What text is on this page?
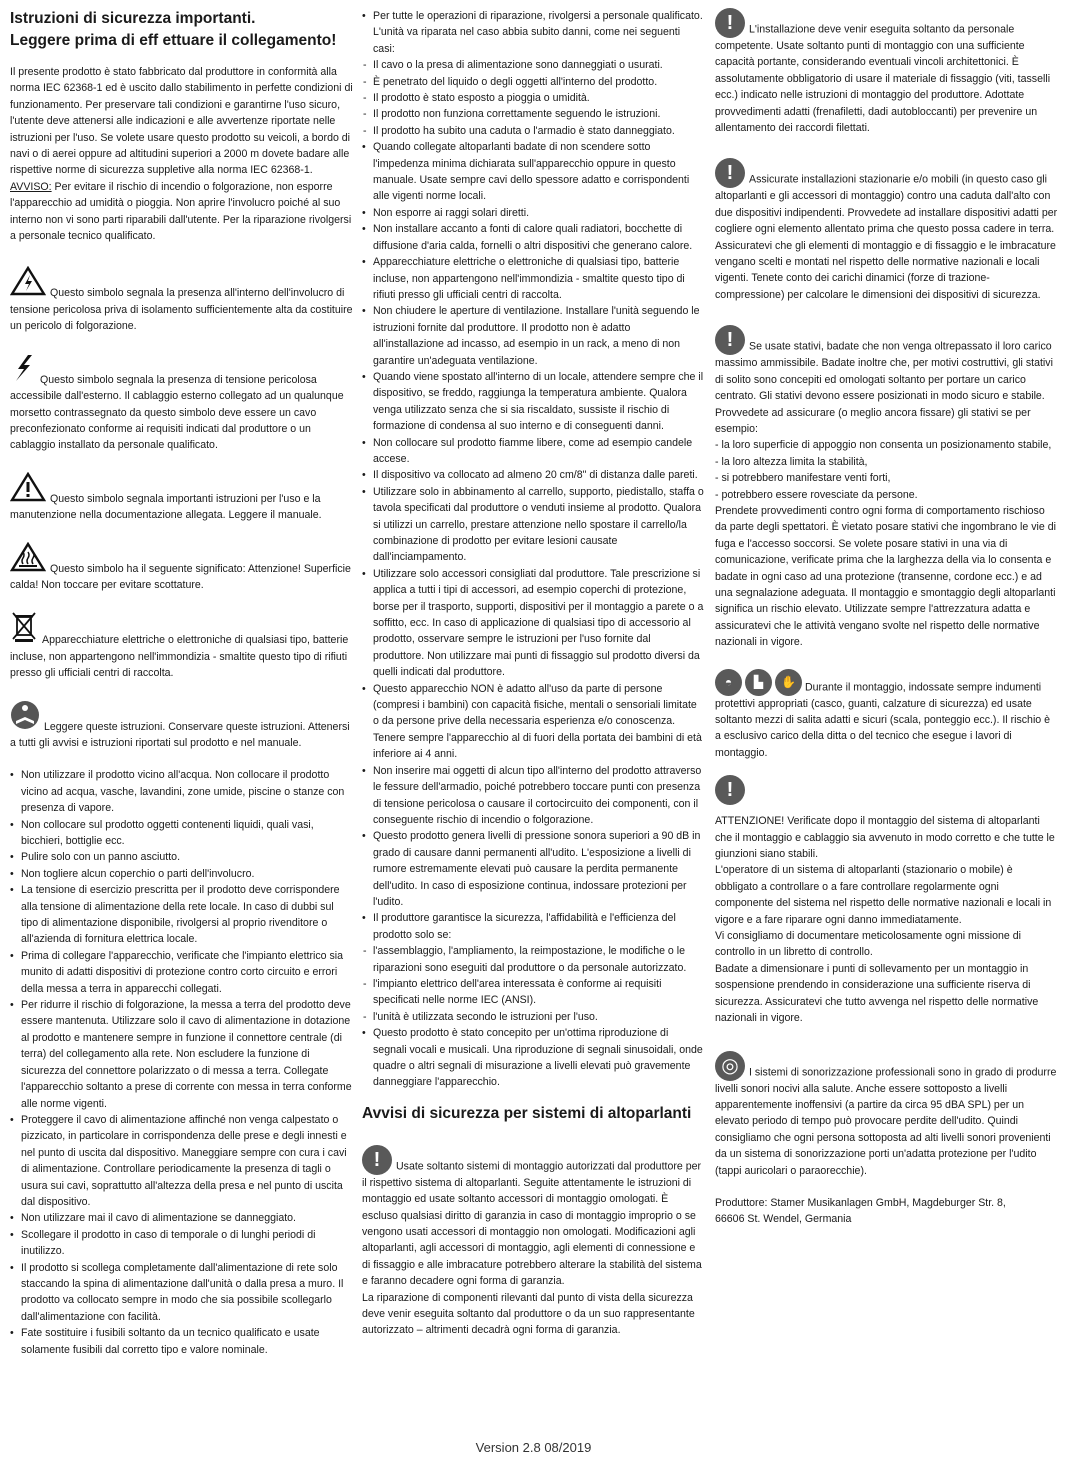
Istruzioni di sicurezza importanti.
Leggere prima di eff ettuare il collegamento!

Il presente prodotto è stato fabbricato dal produttore in conformità alla norma IEC 62368-1 ed è uscito dallo stabilimento in perfette condizioni di funzionamento. Per preservare tali condizioni e garantirne l'uso sicuro, l'utente deve attenersi alle indicazioni e alle avvertenze riportate nelle istruzioni per l'uso. Se volete usare questo prodotto su veicoli, a bordo di navi o di aerei oppure ad altitudini superiori a 2000 m dovete badare alle rispettive norme di sicurezza suppletive alla norma IEC 62368-1.

AVVISO: Per evitare il rischio di incendio o folgorazione, non esporre l'apparecchio ad umidità o pioggia. Non aprire l'involucro poiché al suo interno non vi sono parti riparabili dall'utente. Per la riparazione rivolgersi a personale tecnico qualificato.

Questo simbolo segnala la presenza all'interno dell'involucro di tensione pericolosa priva di isolamento sufficientemente alta da costituire un pericolo di folgorazione.
Questo simbolo segnala la presenza di tensione pericolosa accessibile dall'esterno. Il cablaggio esterno collegato ad un qualunque morsetto contrassegnato da questo simbolo deve essere un cavo preconfezionato conforme ai requisiti indicati dal produttore o un cablaggio installato da personale qualificato.
Questo simbolo segnala importanti istruzioni per l'uso e la manutenzione nella documentazione allegata. Leggere il manuale.
Questo simbolo ha il seguente significato: Attenzione! Superficie calda! Non toccare per evitare scottature.
Apparecchiature elettriche o elettroniche di qualsiasi tipo, batterie incluse, non appartengono nell'immondizia - smaltite questo tipo di rifiuti presso gli ufficiali centri di raccolta.
Leggere queste istruzioni. Conservare queste istruzioni. Attenersi a tutti gli avvisi e istruzioni riportati sul prodotto e nel manuale.
• Non utilizzare il prodotto vicino all'acqua. Non collocare il prodotto vicino ad acqua, vasche, lavandini, zone umide, piscine o stanze con presenza di vapore.
• Non collocare sul prodotto oggetti contenenti liquidi, quali vasi, bicchieri, bottiglie ecc.
• Pulire solo con un panno asciutto.
• Non togliere alcun coperchio o parti dell'involucro.
• La tensione di esercizio prescritta per il prodotto deve corrispondere alla tensione di alimentazione della rete locale. In caso di dubbi sul tipo di alimentazione disponibile, rivolgersi al proprio rivenditore o all'azienda di fornitura elettrica locale.
• Prima di collegare l'apparecchio, verificate che l'impianto elettrico sia munito di adatti dispositivi di protezione contro corto circuito e errori della messa a terra in apparecchi collegati.
• Per ridurre il rischio di folgorazione, la messa a terra del prodotto deve essere mantenuta. Utilizzare solo il cavo di alimentazione in dotazione al prodotto e mantenere sempre in funzione il connettore centrale (di terra) del collegamento alla rete. Non escludere la funzione di sicurezza del connettore polarizzato o di messa a terra. Collegate l'apparecchio soltanto a prese di corrente con messa in terra conforme alle norme vigenti.
• Proteggere il cavo di alimentazione affinché non venga calpestato o pizzicato, in particolare in corrispondenza delle prese e degli innesti e nel punto di uscita dal dispositivo. Maneggiare sempre con cura i cavi di alimentazione. Controllare periodicamente la presenza di tagli o usura sui cavi, soprattutto all'altezza della presa e nel punto di uscita dal dispositivo.
• Non utilizzare mai il cavo di alimentazione se danneggiato.
• Scollegare il prodotto in caso di temporale o di lunghi periodi di inutilizzo.
• Il prodotto si scollega completamente dall'alimentazione di rete solo staccando la spina di alimentazione dall'unità o dalla presa a muro. Il prodotto va collocato sempre in modo che sia possibile scollegarlo dall'alimentazione con facilità.
• Fate sostituire i fusibili soltanto da un tecnico qualificato e usate solamente fusibili dal corretto tipo e valore nominale.
• Per tutte le operazioni di riparazione, rivolgersi a personale qualificato. L'unità va riparata nel caso abbia subito danni, come nei seguenti casi:
- Il cavo o la presa di alimentazione sono danneggiati o usurati.
- È penetrato del liquido o degli oggetti all'interno del prodotto.
- Il prodotto è stato esposto a pioggia o umidità.
- Il prodotto non funziona correttamente seguendo le istruzioni.
- Il prodotto ha subito una caduta o l'armadio è stato danneggiato.
• Quando collegate altoparlanti badate di non scendere sotto l'impedenza minima dichiarata sull'apparecchio oppure in questo manuale. Usate sempre cavi dello spessore adatto e corrispondenti alle vigenti norme locali.
• Non esporre ai raggi solari diretti.
• Non installare accanto a fonti di calore quali radiatori, bocchette di diffusione d'aria calda, fornelli o altri dispositivi che generano calore.
• Apparecchiature elettriche o elettroniche di qualsiasi tipo, batterie incluse, non appartengono nell'immondizia - smaltite questo tipo di rifiuti presso gli ufficiali centri di raccolta.
• Non chiudere le aperture di ventilazione. Installare l'unità seguendo le istruzioni fornite dal produttore. Il prodotto non è adatto all'installazione ad incasso, ad esempio in un rack, a meno di non garantire un'adeguata ventilazione.
• Quando viene spostato all'interno di un locale, attendere sempre che il dispositivo, se freddo, raggiunga la temperatura ambiente. Qualora venga utilizzato senza che si sia riscaldato, sussiste il rischio di formazione di condensa al suo interno e di conseguenti danni.
• Non collocare sul prodotto fiamme libere, come ad esempio candele accese.
• Il dispositivo va collocato ad almeno 20 cm/8" di distanza dalle pareti.
• Utilizzare solo in abbinamento al carrello, supporto, piedistallo, staffa o tavola specificati dal produttore o venduti insieme al prodotto. Qualora si utilizzi un carrello, prestare attenzione nello spostare il carrello/la combinazione di prodotto per evitare lesioni causate dall'inciampamento.
• Utilizzare solo accessori consigliati dal produttore. Tale prescrizione si applica a tutti i tipi di accessori, ad esempio coperchi di protezione, borse per il trasporto, supporti, dispositivi per il montaggio a parete o a soffitto, ecc. In caso di applicazione di qualsiasi tipo di accessorio al prodotto, osservare sempre le istruzioni per l'uso fornite dal produttore. Non utilizzare mai punti di fissaggio sul prodotto diversi da quelli indicati dal produttore.
• Questo apparecchio NON è adatto all'uso da parte di persone (compresi i bambini) con capacità fisiche, mentali o sensoriali limitate o da persone prive della necessaria esperienza e/o conoscenza. Tenere sempre l'apparecchio al di fuori della portata dei bambini di età inferiore ai 4 anni.
• Non inserire mai oggetti di alcun tipo all'interno del prodotto attraverso le fessure dell'armadio, poiché potrebbero toccare punti con presenza di tensione pericolosa o causare il cortocircuito dei componenti, con il conseguente rischio di incendio o folgorazione.
• Questo prodotto genera livelli di pressione sonora superiori a 90 dB in grado di causare danni permanenti all'udito. L'esposizione a livelli di rumore estremamente elevati può causare la perdita permanente dell'udito. In caso di esposizione continua, indossare protezioni per l'udito.
• Il produttore garantisce la sicurezza, l'affidabilità e l'efficienza del prodotto solo se:
- l'assemblaggio, l'ampliamento, la reimpostazione, le modifiche o le riparazioni sono eseguiti dal produttore o da personale autorizzato.
- l'impianto elettrico dell'area interessata è conforme ai requisiti specificati nelle norme IEC (ANSI).
- l'unità è utilizzata secondo le istruzioni per l'uso.
• Questo prodotto è stato concepito per un'ottima riproduzione di segnali vocali e musicali. Una riproduzione di segnali sinusoidali, onde quadre o altri segnali di misurazione a livelli elevati può gravemente danneggiare l'apparecchio.
Avvisi di sicurezza per sistemi di altoparlanti

! Usate soltanto sistemi di montaggio autorizzati dal produttore per il rispettivo sistema di altoparlanti. Seguite attentamente le istruzioni di montaggio ed usate soltanto accessori di montaggio omologati. È escluso qualsiasi diritto di garanzia in caso di montaggio improprio o se vengono usati accessori di montaggio non omologati. Modificazioni agli altoparlanti, agli accessori di montaggio, agli elementi di connessione e di fissaggio e alle imbracature potrebbero alterare la stabilità del sistema e faranno decadere ogni forma di garanzia.

La riparazione di componenti rilevanti dal punto di vista della sicurezza deve venir eseguita soltanto dal produttore o da un suo rappresentante autorizzato – altrimenti decadrà ogni forma di garanzia.

! L'installazione deve venir eseguita soltanto da personale competente. Usate soltanto punti di montaggio con una sufficiente capacità portante, considerando eventuali vincoli architettonici. È assolutamente obbligatorio di usare il materiale di fissaggio (viti, tasselli ecc.) indicato nelle istruzioni di montaggio del produttore. Adottate provvedimenti adatti (frenafiletti, dadi autobloccanti) per prevenire un allentamento dei raccordi filettati.

! Assicurate installazioni stazionarie e/o mobili (in questo caso gli altoparlanti e gli accessori di montaggio) contro una caduta dall'alto con due dispositivi indipendenti. Provvedete ad installare dispositivi adatti per cogliere ogni elemento allentato prima che questo possa cadere in terra. Assicuratevi che gli elementi di montaggio e di fissaggio e le imbracature vengano scelti e montati nel rispetto delle normative nazionali e locali vigenti. Tenete conto dei carichi dinamici (forze di trazione-compressione) per calcolare le dimensioni dei dispositivi di sicurezza.

! Se usate stativi, badate che non venga oltrepassato il loro carico massimo ammissibile. Badate inoltre che, per motivi costruttivi, gli stativi di solito sono concepiti ed omologati soltanto per portare un carico centrato. Gli stativi devono essere posizionati in modo sicuro e stabile. Provvedete ad assicurare (o meglio ancora fissare) gli stativi se per esempio:

- la loro superficie di appoggio non consenta un posizionamento stabile,

- la loro altezza limita la stabilità,

- si potrebbero manifestare venti forti,

- potrebbero essere rovesciate da persone.

Prendete provvedimenti contro ogni forma di comportamento rischioso da parte degli spettatori. È vietato posare stativi che ingombrano le vie di fuga e l'accesso soccorsi. Se volete posare stativi in una via di comunicazione, verificate prima che la larghezza della via lo consenta e badate in ogni caso ad una protezione (transenne, cordone ecc.) e ad una segnalazione adeguata. Il montaggio e smontaggio degli altoparlanti significa un rischio elevato. Utilizzate sempre l'attrezzatura adatta e assicuratevi che le attività vengano svolte nel rispetto delle normative nazionali in vigore.

◓ ▙ ✋ Durante il montaggio, indossate sempre indumenti protettivi appropriati (casco, guanti, calzature di sicurezza) ed usate soltanto mezzi di salita adatti e sicuri (scala, ponteggio ecc.). Il rischio è a esclusivo carico della ditta o del tecnico che esegue i lavori di montaggio.

!

ATTENZIONE! Verificate dopo il montaggio del sistema di altoparlanti che il montaggio e cablaggio sia avvenuto in modo corretto e che tutte le giunzioni siano stabili.

L'operatore di un sistema di altoparlanti (stazionario o mobile) è obbligato a controllare o a fare controllare regolarmente ogni componente del sistema nel rispetto delle normative nazionali e locali in vigore e a fare riparare ogni danno immediatamente.

Vi consigliamo di documentare meticolosamente ogni missione di controllo in un libretto di controllo.

Badate a dimensionare i punti di sollevamento per un montaggio in sospensione prendendo in considerazione una sufficiente riserva di sicurezza. Assicuratevi che tutto avvenga nel rispetto delle normative nazionali in vigore.

◎ I sistemi di sonorizzazione professionali sono in grado di produrre livelli sonori nocivi alla salute. Anche essere sottoposto a livelli apparentemente inoffensivi (a partire da circa 95 dBA SPL) per un elevato periodo di tempo può provocare perdite dell'udito. Quindi consigliamo che ogni persona sottoposta ad alti livelli sonori provenienti da un sistema di sonorizzazione porti un'adatta protezione per l'udito (tappi auricolari o paraorecchie).

Produttore: Stamer Musikanlagen GmbH, Magdeburger Str. 8,
66606 St. Wendel, Germania

Version 2.8 08/2019
